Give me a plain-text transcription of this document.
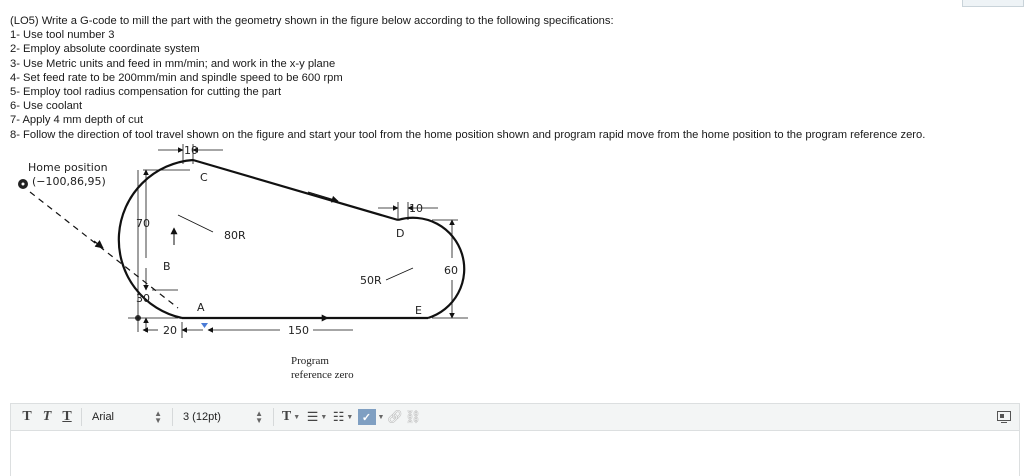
(LO5) Write a G-code to mill the part with the geometry shown in the figure below according to the following specifications:
1- Use tool number 3
2- Employ absolute coordinate system
3- Use Metric units and feed in mm/min; and work in the x-y plane
4- Set feed rate to be 200mm/min and spindle speed to be 600 rpm
5- Employ tool radius compensation for cutting the part
6- Use coolant
7- Apply 4 mm depth of cut
8- Follow the direction of tool travel shown on the figure and start your tool from the home position shown and program rapid move from the home position to the program reference zero.
Home position
(−100,86,95)
10
70
30
20	150
10
60
80R
50R
A
B
C
D
E
Program
reference zero
T T T	Arial	▲
▼ 3 (12pt)	▲
▼ T ▼ ☰ ▼ ☷ ▼ ✓ ▼ 🔗︎ ⛓︎
